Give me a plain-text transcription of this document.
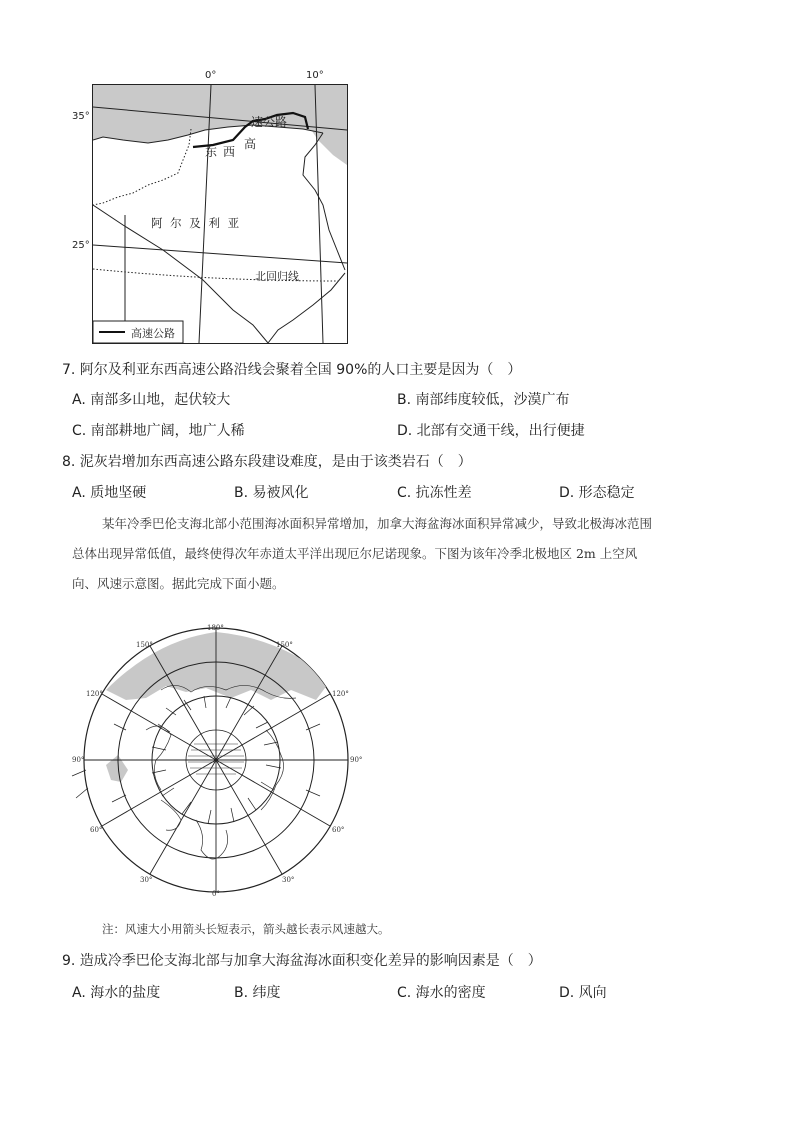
速公路
东西
高
阿 尔 及 利 亚
北回归线
高速公路
0°	10°
35°
25°
7. 阿尔及利亚东西高速公路沿线会聚着全国 90%的人口主要是因为（　）
A. 南部多山地，起伏较大	B. 南部纬度较低，沙漠广布
C. 南部耕地广阔，地广人稀	D. 北部有交通干线，出行便捷
8. 泥灰岩增加东西高速公路东段建设难度，是由于该类岩石（　）
A. 质地坚硬	B. 易被风化	C. 抗冻性差	D. 形态稳定
某年冷季巴伦支海北部小范围海冰面积异常增加，加拿大海盆海冰面积异常减少，导致北极海冰范围
总体出现异常低值，最终使得次年赤道太平洋出现厄尔尼诺现象。下图为该年冷季北极地区 2m 上空风
向、风速示意图。据此完成下面小题。
180°
150°	150°
120°	120°
90°	90°
60°	60°
30°	30°
0°
注：风速大小用箭头长短表示，箭头越长表示风速越大。
9. 造成冷季巴伦支海北部与加拿大海盆海冰面积变化差异的影响因素是（　）
A. 海水的盐度	B. 纬度	C. 海水的密度	D. 风向
